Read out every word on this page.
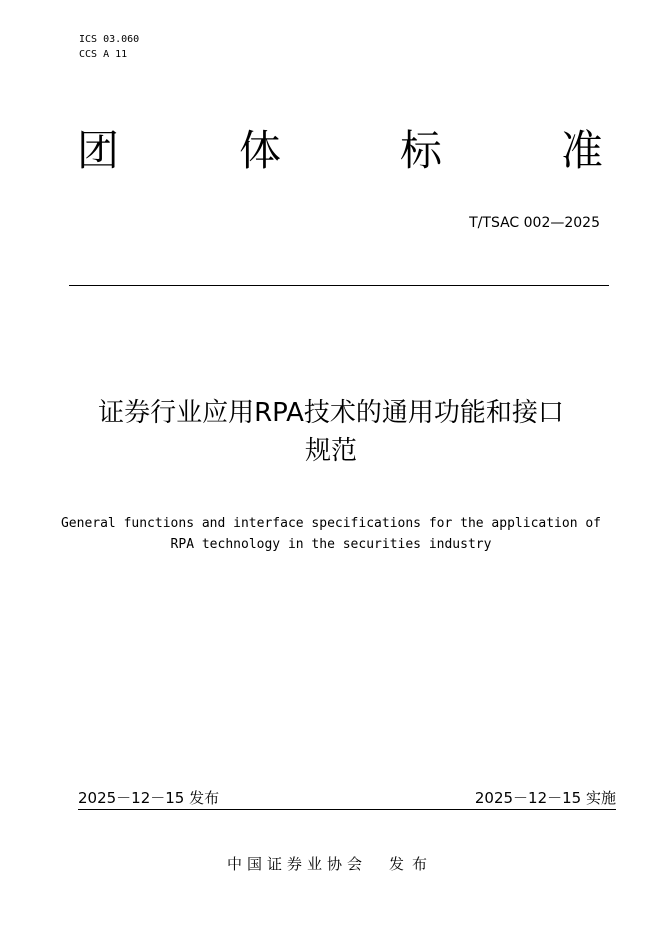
ICS 03.060
CCS A 11
团	体	标	准
T/TSAC 002—2025
证券行业应用RPA技术的通用功能和接口
规范
General functions and interface specifications for the application of
RPA technology in the securities industry
2025－12－15 发布	2025－12－15 实施
中国证券业协会 发布
